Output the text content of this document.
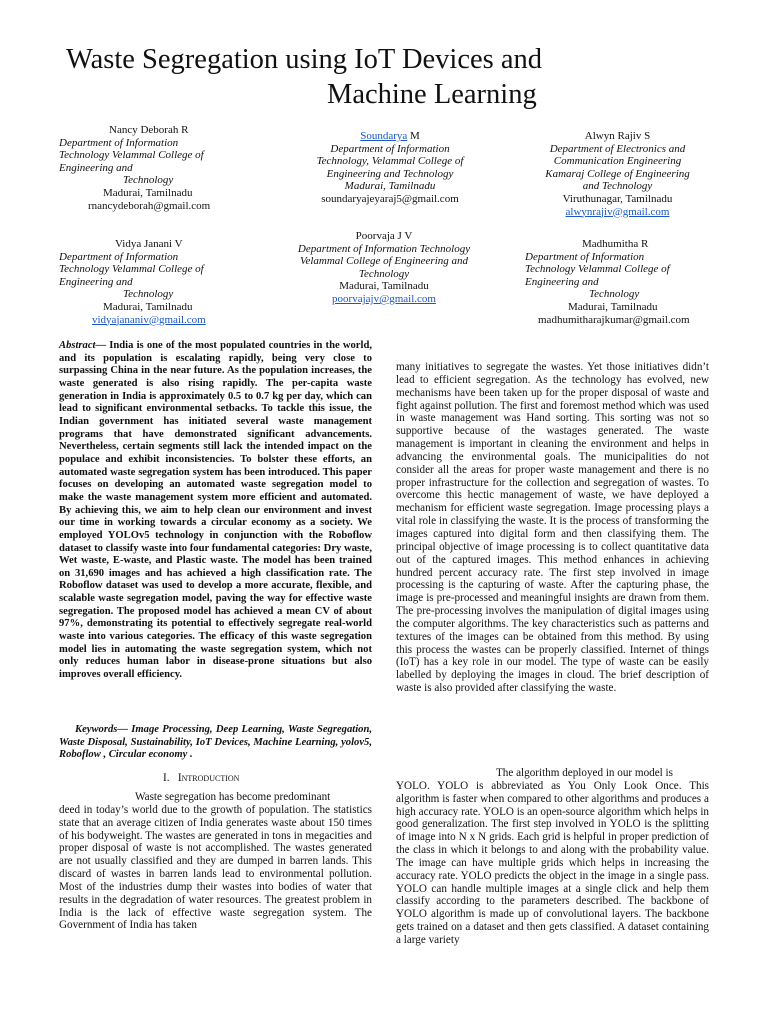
Waste Segregation using IoT Devices and
Machine Learning
Nancy Deborah R
Department of Information
Technology Velammal College of
Engineering and
Technology
Madurai, Tamilnadu
rnancydeborah@gmail.com
Soundarya M
Department of Information
Technology, Velammal College of
Engineering and Technology
Madurai, Tamilnadu
soundaryajeyaraj5@gmail.com
Alwyn Rajiv S
Department of Electronics and
Communication Engineering
Kamaraj College of Engineering
and Technology
Viruthunagar, Tamilnadu
alwynrajiv@gmail.com
Vidya Janani V
Department of Information
Technology Velammal College of
Engineering and
Technology
Madurai, Tamilnadu
vidyajananiv@gmail.com
Poorvaja J V
Department of Information Technology
Velammal College of Engineering and
Technology
Madurai, Tamilnadu
poorvajajv@gmail.com
Madhumitha R
Department of Information
Technology Velammal College of
Engineering and
Technology
Madurai, Tamilnadu
madhumitharajkumar@gmail.com
Abstract— India is one of the most populated countries in the world, and its population is escalating rapidly, being very close to surpassing China in the near future. As the population increases, the waste generated is also rising rapidly. The per-capita waste generation in India is approximately 0.5 to 0.7 kg per day, which can lead to significant environmental setbacks. To tackle this issue, the Indian government has initiated several waste management programs that have demonstrated significant advancements. Nevertheless, certain segments still lack the intended impact on the populace and exhibit inconsistencies. To bolster these efforts, an automated waste segregation system has been introduced. This paper focuses on developing an automated waste segregation model to make the waste management system more efficient and automated. By achieving this, we aim to help clean our environment and invest our time in working towards a circular economy as a society. We employed YOLOv5 technology in conjunction with the Roboflow dataset to classify waste into four fundamental categories: Dry waste, Wet waste, E-waste, and Plastic waste. The model has been trained on 31,690 images and has achieved a high classification rate. The Roboflow dataset was used to develop a more accurate, flexible, and scalable waste segregation model, paving the way for effective waste segregation. The proposed model has achieved a mean CV of about 97%, demonstrating its potential to effectively segregate real-world waste into various categories. The efficacy of this waste segregation model lies in automating the waste segregation system, which not only reduces human labor in disease-prone situations but also improves overall efficiency.
Keywords— Image Processing, Deep Learning, Waste Segregation, Waste Disposal, Sustainability, IoT Devices, Machine Learning, yolov5, Roboflow , Circular economy .
I. Introduction
Waste segregation has become predominant
deed in today’s world due to the growth of population. The statistics state that an average citizen of India generates waste about 150 times of his bodyweight. The wastes are generated in tons in megacities and proper disposal of waste is not accomplished. The wastes generated are not usually classified and they are dumped in barren lands. This discard of wastes in barren lands lead to environmental pollution. Most of the industries dump their wastes into bodies of water that results in the degradation of water resources. The greatest problem in India is the lack of effective waste segregation system. The Government of India has taken
many initiatives to segregate the wastes. Yet those initiatives didn’t lead to efficient segregation. As the technology has evolved, new mechanisms have been taken up for the proper disposal of waste and fight against pollution. The first and foremost method which was used in waste management was Hand sorting. This sorting was not so supportive because of the wastages generated. The waste management is important in cleaning the environment and helps in advancing the environmental goals. The municipalities do not consider all the areas for proper waste management and there is no proper infrastructure for the collection and segregation of wastes. To overcome this hectic management of waste, we have deployed a mechanism for efficient waste segregation. Image processing plays a vital role in classifying the waste. It is the process of transforming the images captured into digital form and then classifying them. The principal objective of image processing is to collect quantitative data out of the captured images. This method enhances in achieving hundred percent accuracy rate. The first step involved in image processing is the capturing of waste. After the capturing phase, the image is pre-processed and meaningful insights are drawn from them. The pre-processing involves the manipulation of digital images using the computer algorithms. The key characteristics such as patterns and textures of the images can be obtained from this method. By using this process the wastes can be properly classified. Internet of things (IoT) has a key role in our model. The type of waste can be easily labelled by deploying the images in cloud. The brief description of waste is also provided after classifying the waste.
The algorithm deployed in our model is
YOLO. YOLO is abbreviated as You Only Look Once. This algorithm is faster when compared to other algorithms and produces a high accuracy rate. YOLO is an open-source algorithm which helps in good generalization. The first step involved in YOLO is the splitting of image into N x N grids. Each grid is helpful in proper prediction of the class in which it belongs to and along with the probability value. The image can have multiple grids which helps in increasing the accuracy rate. YOLO predicts the object in the image in a single pass. YOLO can handle multiple images at a single click and help them classify according to the parameters described. The backbone of YOLO algorithm is made up of convolutional layers. The backbone gets trained on a dataset and then gets classified. A dataset containing a large variety
